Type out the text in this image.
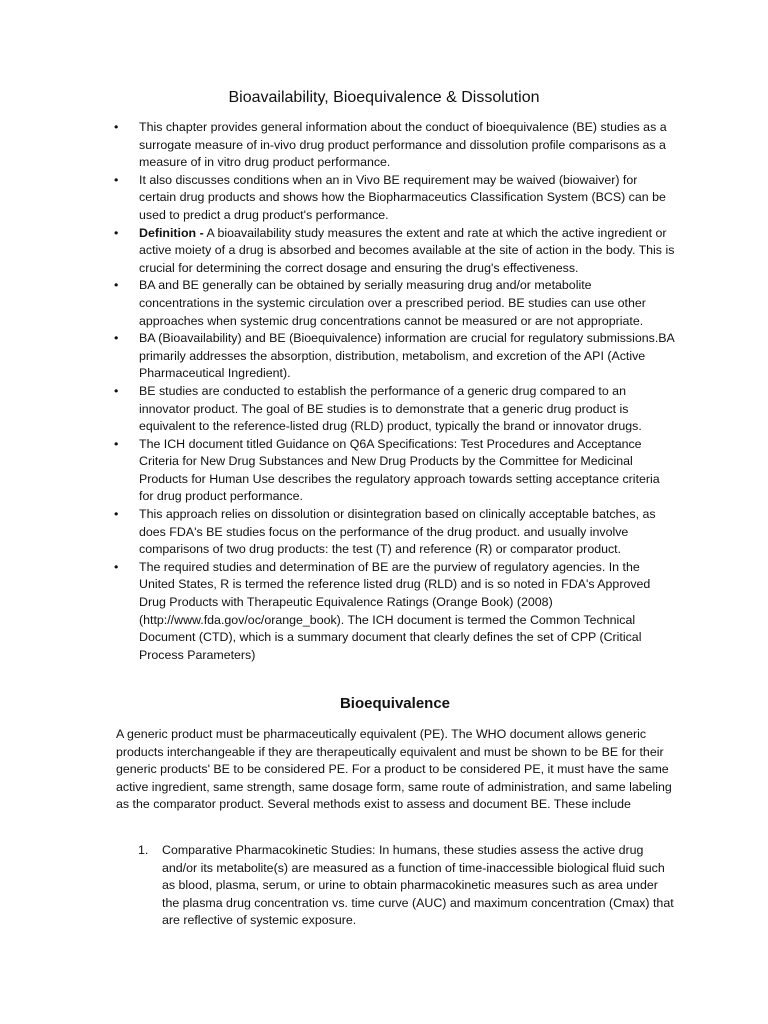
Bioavailability, Bioequivalence & Dissolution
• This chapter provides general information about the conduct of bioequivalence (BE) studies as a surrogate measure of in-vivo drug product performance and dissolution profile comparisons as a measure of in vitro drug product performance.
• It also discusses conditions when an in Vivo BE requirement may be waived (biowaiver) for certain drug products and shows how the Biopharmaceutics Classification System (BCS) can be used to predict a drug product's performance.
• Definition - A bioavailability study measures the extent and rate at which the active ingredient or active moiety of a drug is absorbed and becomes available at the site of action in the body. This is crucial for determining the correct dosage and ensuring the drug's effectiveness.
• BA and BE generally can be obtained by serially measuring drug and/or metabolite concentrations in the systemic circulation over a prescribed period. BE studies can use other approaches when systemic drug concentrations cannot be measured or are not appropriate.
• BA (Bioavailability) and BE (Bioequivalence) information are crucial for regulatory submissions.BA primarily addresses the absorption, distribution, metabolism, and excretion of the API (Active Pharmaceutical Ingredient).
• BE studies are conducted to establish the performance of a generic drug compared to an innovator product. The goal of BE studies is to demonstrate that a generic drug product is equivalent to the reference-listed drug (RLD) product, typically the brand or innovator drugs.
• The ICH document titled Guidance on Q6A Specifications: Test Procedures and Acceptance Criteria for New Drug Substances and New Drug Products by the Committee for Medicinal Products for Human Use describes the regulatory approach towards setting acceptance criteria for drug product performance.
• This approach relies on dissolution or disintegration based on clinically acceptable batches, as does FDA's BE studies focus on the performance of the drug product. and usually involve comparisons of two drug products: the test (T) and reference (R) or comparator product.
• The required studies and determination of BE are the purview of regulatory agencies. In the United States, R is termed the reference listed drug (RLD) and is so noted in FDA's Approved Drug Products with Therapeutic Equivalence Ratings (Orange Book) (2008) (http://www.fda.gov/oc/orange_book). The ICH document is termed the Common Technical Document (CTD), which is a summary document that clearly defines the set of CPP (Critical Process Parameters)
Bioequivalence

A generic product must be pharmaceutically equivalent (PE). The WHO document allows generic products interchangeable if they are therapeutically equivalent and must be shown to be BE for their generic products' BE to be considered PE. For a product to be considered PE, it must have the same active ingredient, same strength, same dosage form, same route of administration, and same labeling as the comparator product. Several methods exist to assess and document BE. These include

1. Comparative Pharmacokinetic Studies: In humans, these studies assess the active drug and/or its metabolite(s) are measured as a function of time-inaccessible biological fluid such as blood, plasma, serum, or urine to obtain pharmacokinetic measures such as area under the plasma drug concentration vs. time curve (AUC) and maximum concentration (Cmax) that are reflective of systemic exposure.
